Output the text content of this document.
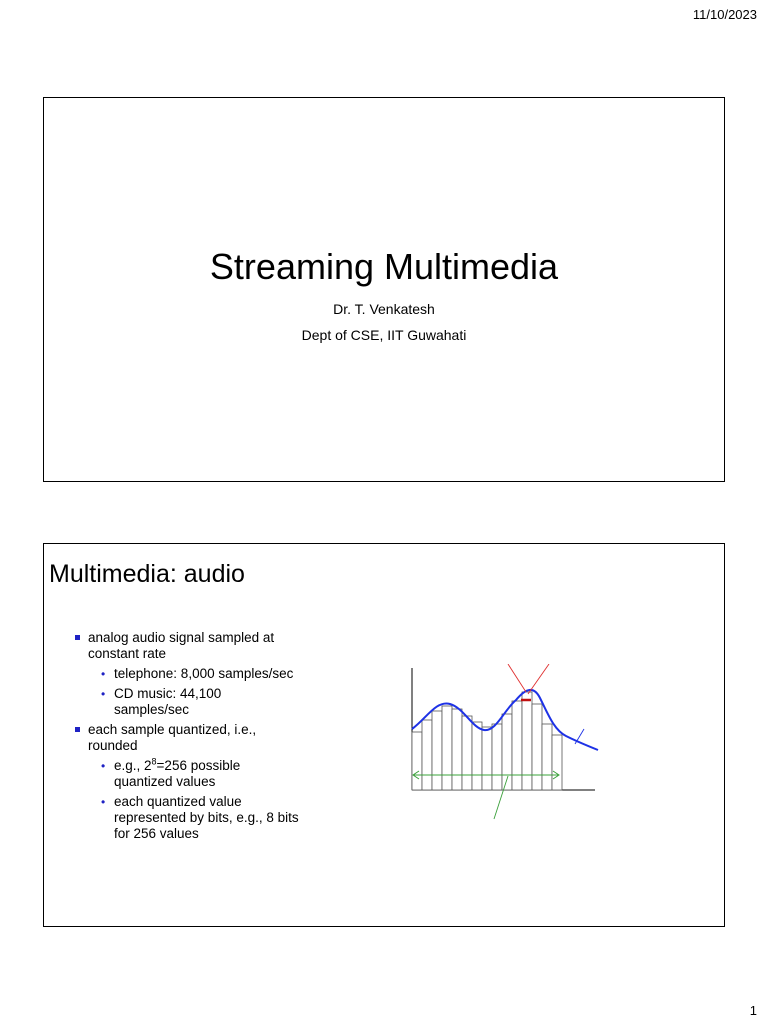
11/10/2023
Streaming Multimedia
Dr. T. Venkatesh
Dept of CSE, IIT Guwahati
Multimedia: audio
analog audio signal sampled at constant rate
• telephone: 8,000 samples/sec
• CD music: 44,100 samples/sec
each sample quantized, i.e., rounded
• e.g., $2^8=256$ possible quantized values
• each quantized value represented by bits, e.g., 8 bits for 256 values
1
